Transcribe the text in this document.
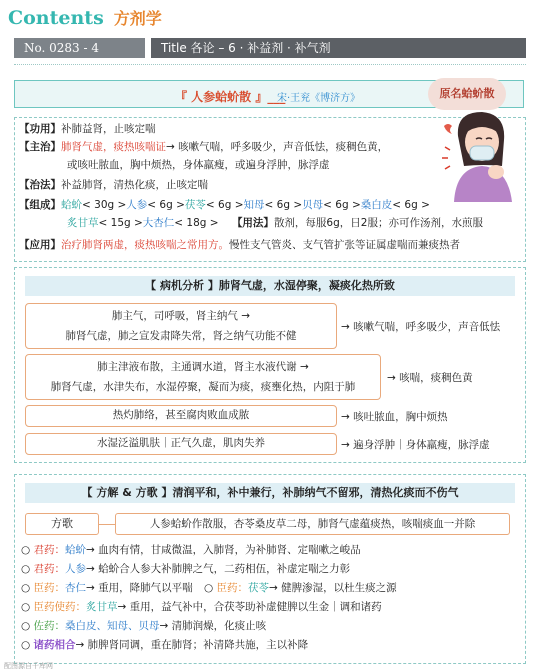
Contents 方剂学
No. 0283 - 4	Title 各论 – 6 · 补益剂 · 补气剂
『 人参蛤蚧散 』___
宋·王兖《博济方》	原名蛤蚧散
【功用】补肺益肾，止咳定喘
【主治】肺肾气虚，痰热咳喘证→ 咳嗽气喘，呼多吸少，声音低怯，痰稠色黄，
或咳吐脓血，胸中烦热，身体羸瘦，或遍身浮肿，脉浮虚
【治法】补益肺肾，清热化痰，止咳定喘
【组成】蛤蚧< 30g >人参< 6g >茯苓< 6g >知母< 6g >贝母< 6g >桑白皮< 6g >
炙甘草< 15g >大杏仁< 18g > 【用法】散剂，每服6g，日2服；亦可作汤剂，水煎服
【应用】治疗肺肾两虚，痰热咳喘之常用方。慢性支气管炎、支气管扩张等证属虚喘而兼痰热者
【 病机分析 】肺肾气虚，水湿停聚，凝痰化热所致
肺主气，司呼吸，肾主纳气 →
肺肾气虚，肺之宣发肃降失常，肾之纳气功能不健
→ 咳嗽气喘，呼多吸少，声音低怯
肺主津液布散，主通调水道，肾主水液代谢 →
肺肾气虚，水津失布，水湿停聚，凝而为痰，痰壅化热，内阻于肺
→ 咳喘，痰稠色黄
热灼肺络，甚至腐肉败血成脓	→ 咳吐脓血，胸中烦热
水湿泛溢肌肤｜正气久虚，肌肉失养	→ 遍身浮肿｜身体羸瘦，脉浮虚
【 方解 & 方歌 】清润平和，补中兼行，补肺纳气不留邪，清热化痰而不伤气
方歌	人参蛤蚧作散服，杏苓桑皮草二母，肺肾气虚蕴痰热，咳喘痰血一并除
○ 君药：蛤蚧→ 血肉有情，甘咸微温，入肺肾，为补肺肾、定喘嗽之峻品
○ 君药：人参→ 蛤蚧合人参大补肺脾之气，二药相伍，补虚定喘之力彰
○ 臣药：杏仁→ 重用，降肺气以平喘 ○ 臣药：茯苓→ 健脾渗湿，以杜生痰之源
○ 臣药使药：炙甘草→ 重用，益气补中，合茯苓助补虚健脾以生金｜调和诸药
○ 佐药：桑白皮、知母、贝母→ 清肺润燥，化痰止咳
○ 诸药相合→ 肺脾肾同调，重在肺肾；补清降共施，主以补降
配图源自千库网
